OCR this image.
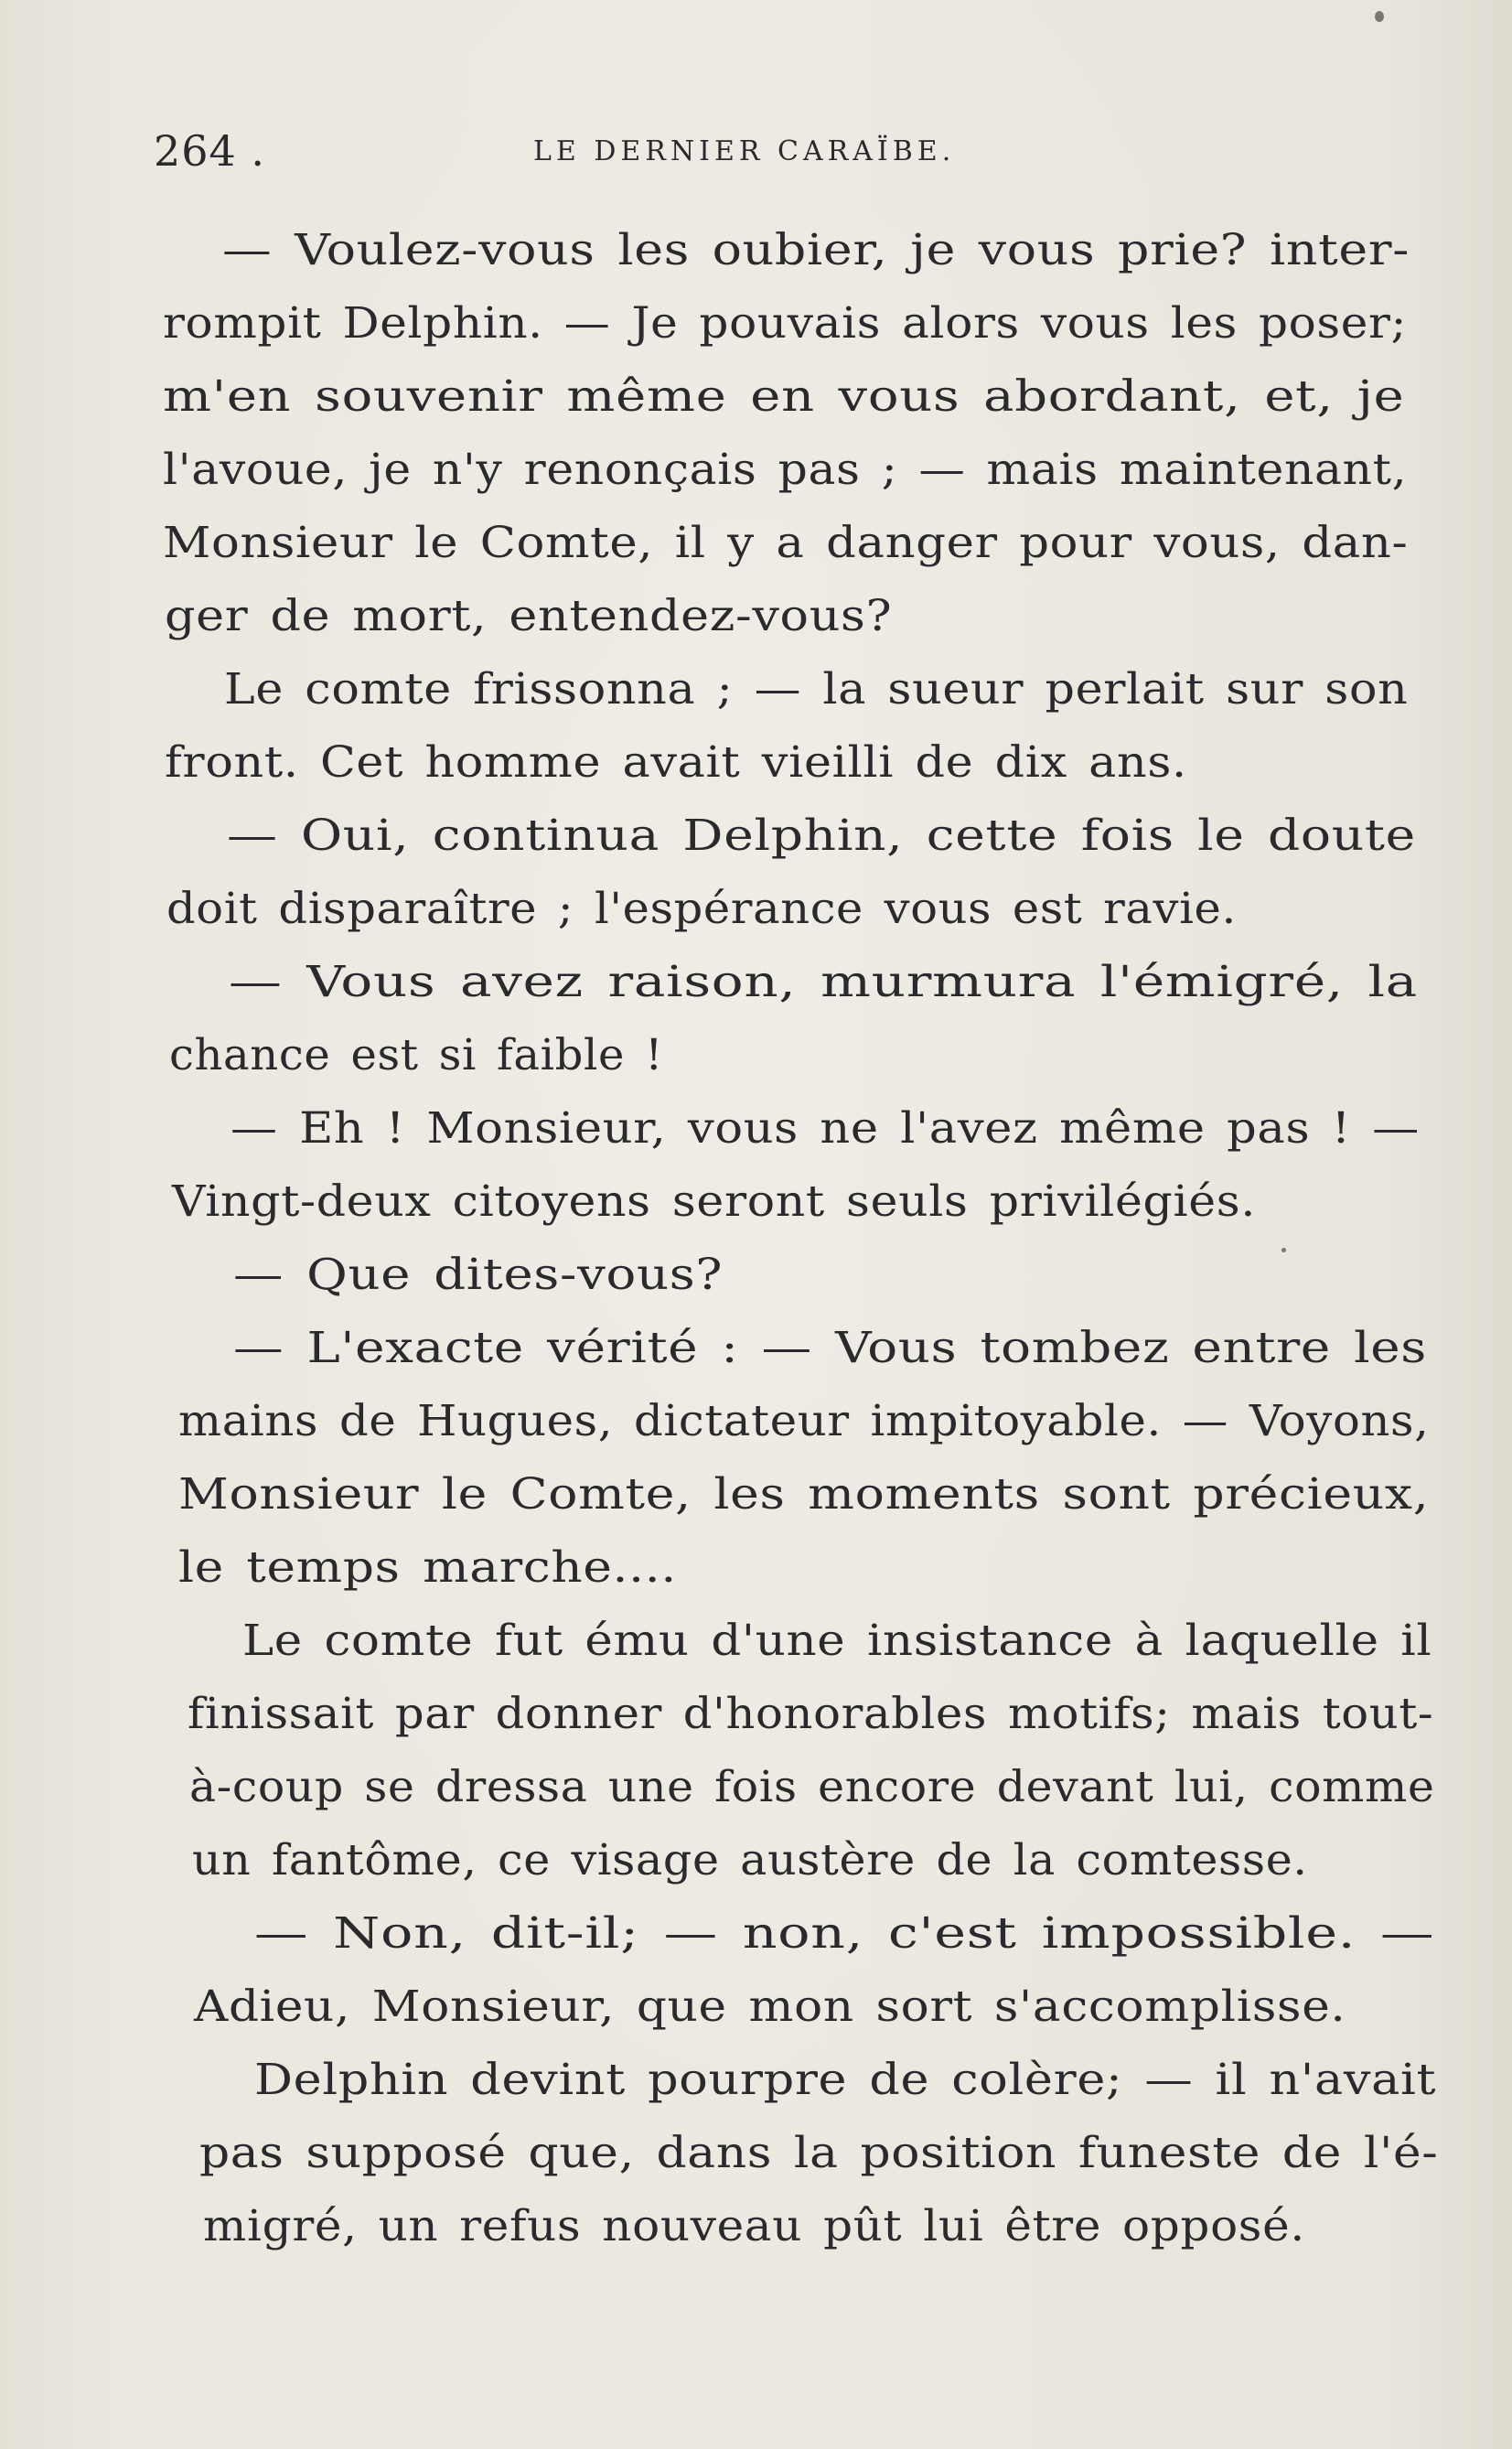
264 .	LE DERNIER CARAÏBE.
— Voulez-vous les oubier, je vous prie? inter-
rompit Delphin. — Je pouvais alors vous les poser;
m'en souvenir même en vous abordant, et, je
l'avoue, je n'y renonçais pas ; — mais maintenant,
Monsieur le Comte, il y a danger pour vous, dan-
ger de mort, entendez-vous?
Le comte frissonna ; — la sueur perlait sur son
front. Cet homme avait vieilli de dix ans.
— Oui, continua Delphin, cette fois le doute
doit disparaître ; l'espérance vous est ravie.
— Vous avez raison, murmura l'émigré, la
chance est si faible !
— Eh ! Monsieur, vous ne l'avez même pas ! —
Vingt-deux citoyens seront seuls privilégiés.
— Que dites-vous?
— L'exacte vérité : — Vous tombez entre les
mains de Hugues, dictateur impitoyable. — Voyons,
Monsieur le Comte, les moments sont précieux,
le temps marche....
Le comte fut ému d'une insistance à laquelle il
finissait par donner d'honorables motifs; mais tout-
à-coup se dressa une fois encore devant lui, comme
un fantôme, ce visage austère de la comtesse.
— Non, dit-il; — non, c'est impossible. —
Adieu, Monsieur, que mon sort s'accomplisse.
Delphin devint pourpre de colère; — il n'avait
pas supposé que, dans la position funeste de l'é-
migré, un refus nouveau pût lui être opposé.
